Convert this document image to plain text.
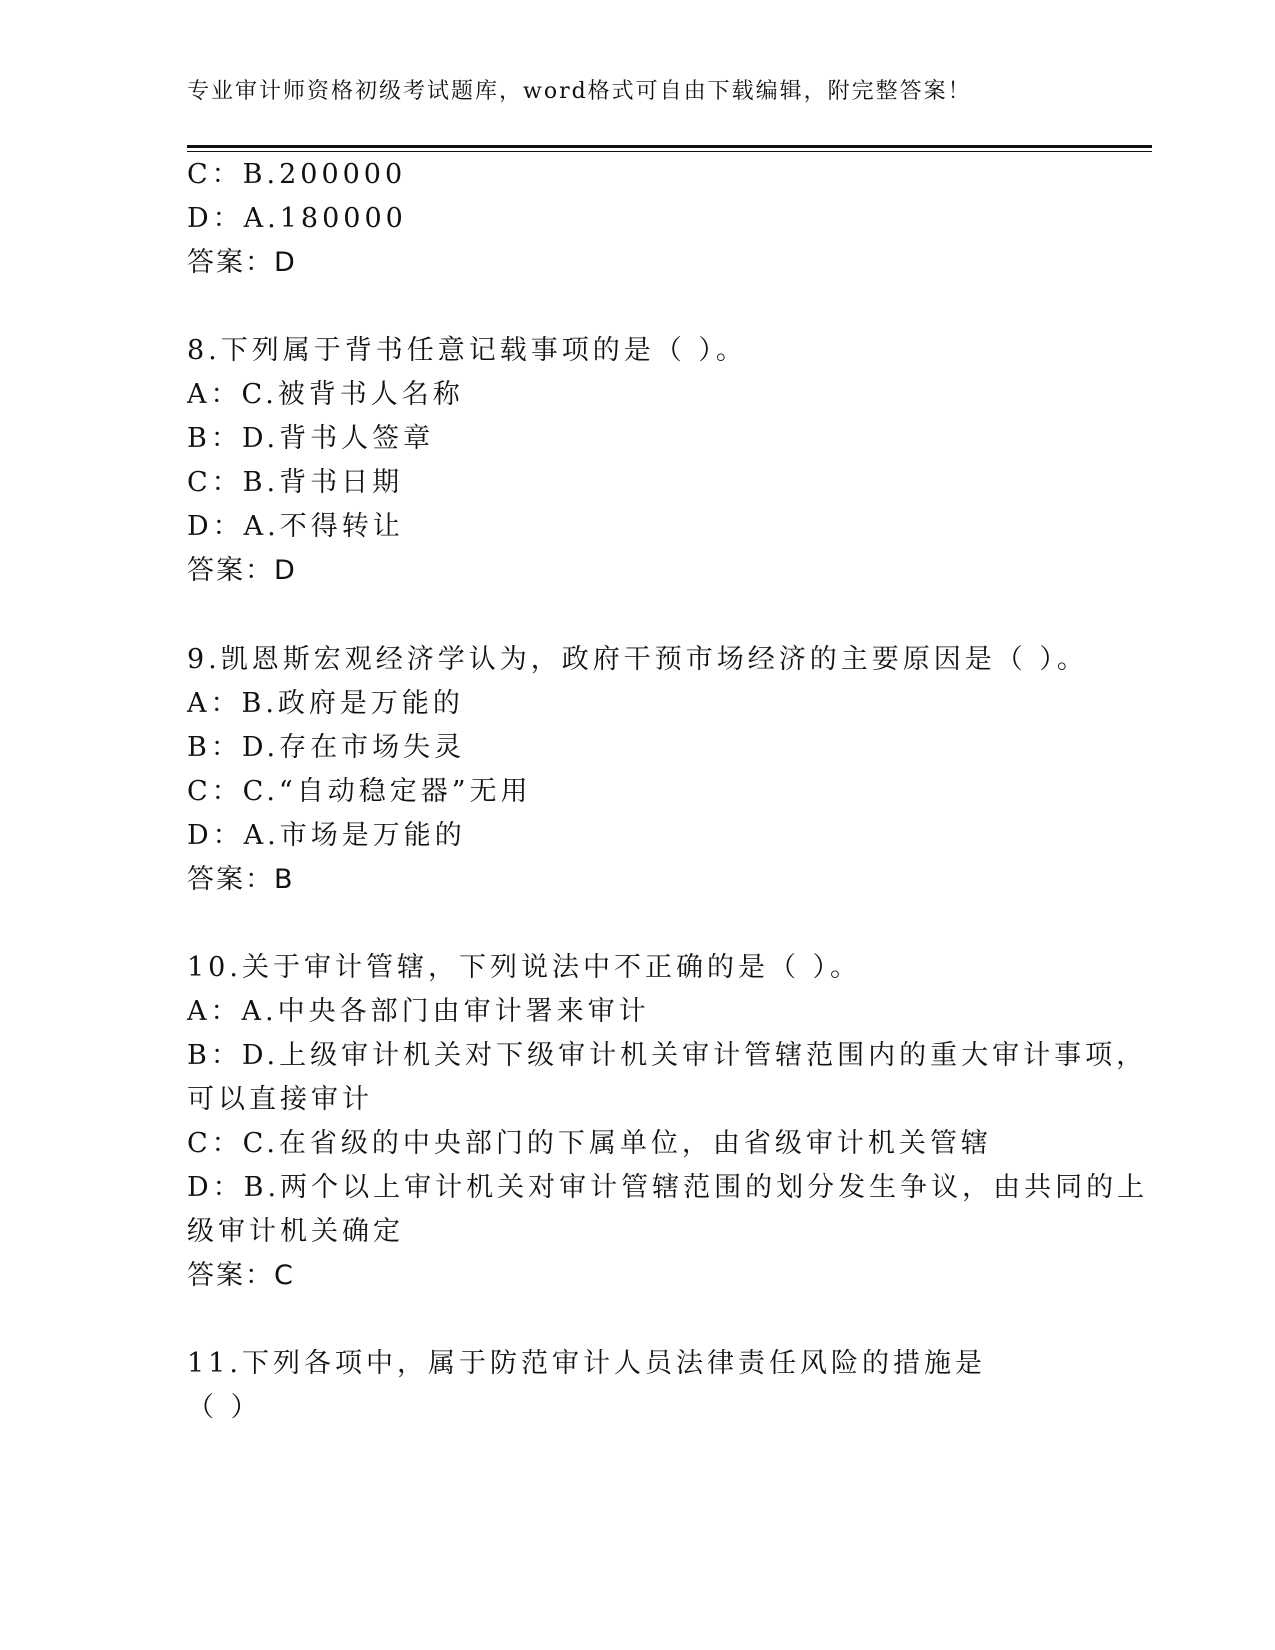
专业审计师资格初级考试题库，word格式可自由下载编辑，附完整答案！
C：B.200000
D：A.180000
答案：D
8.下列属于背书任意记载事项的是（ ）。
A：C.被背书人名称
B：D.背书人签章
C：B.背书日期
D：A.不得转让
答案：D
9.凯恩斯宏观经济学认为，政府干预市场经济的主要原因是（ ）。
A：B.政府是万能的
B：D.存在市场失灵
C：C.“自动稳定器”无用
D：A.市场是万能的
答案：B
10.关于审计管辖，下列说法中不正确的是（ ）。
A：A.中央各部门由审计署来审计
B：D.上级审计机关对下级审计机关审计管辖范围内的重大审计事项，
可以直接审计
C：C.在省级的中央部门的下属单位，由省级审计机关管辖
D：B.两个以上审计机关对审计管辖范围的划分发生争议，由共同的上
级审计机关确定
答案：C
11.下列各项中，属于防范审计人员法律责任风险的措施是
（ ）
